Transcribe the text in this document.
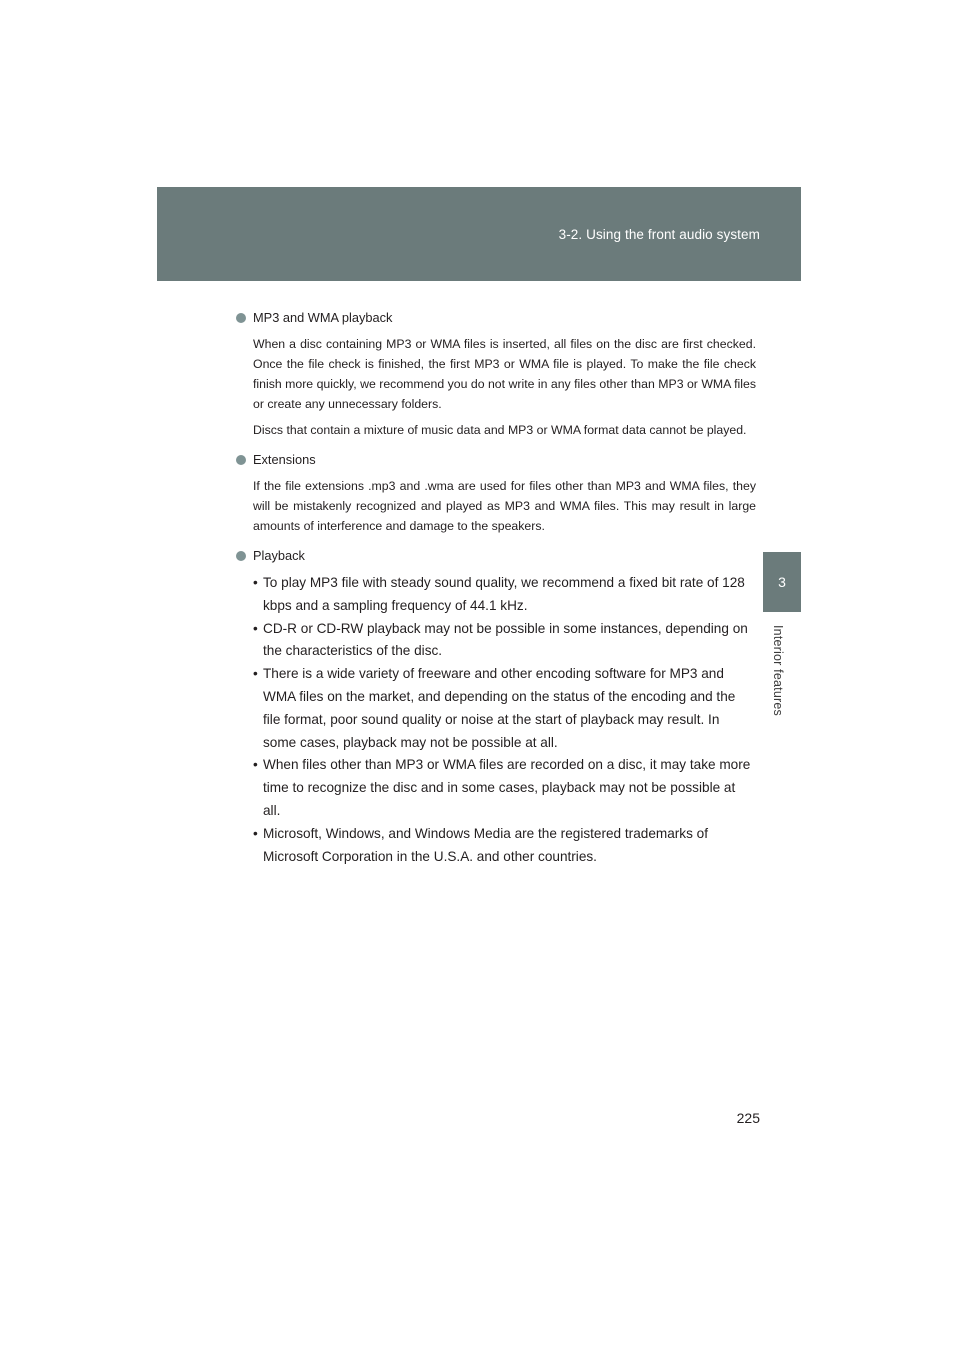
3-2. Using the front audio system
3
Interior features
MP3 and WMA playback

When a disc containing MP3 or WMA files is inserted, all files on the disc are first checked. Once the file check is finished, the first MP3 or WMA file is played. To make the file check finish more quickly, we recommend you do not write in any files other than MP3 or WMA files or create any unnecessary folders.

Discs that contain a mixture of music data and MP3 or WMA format data cannot be played.

Extensions

If the file extensions .mp3 and .wma are used for files other than MP3 and WMA files, they will be mistakenly recognized and played as MP3 and WMA files. This may result in large amounts of interference and damage to the speakers.

Playback
• To play MP3 file with steady sound quality, we recommend a fixed bit rate of 128 kbps and a sampling frequency of 44.1 kHz.
• CD-R or CD-RW playback may not be possible in some instances, depending on the characteristics of the disc.
• There is a wide variety of freeware and other encoding software for MP3 and WMA files on the market, and depending on the status of the encoding and the file format, poor sound quality or noise at the start of playback may result. In some cases, playback may not be possible at all.
• When files other than MP3 or WMA files are recorded on a disc, it may take more time to recognize the disc and in some cases, playback may not be possible at all.
• Microsoft, Windows, and Windows Media are the registered trademarks of Microsoft Corporation in the U.S.A. and other countries.
225
